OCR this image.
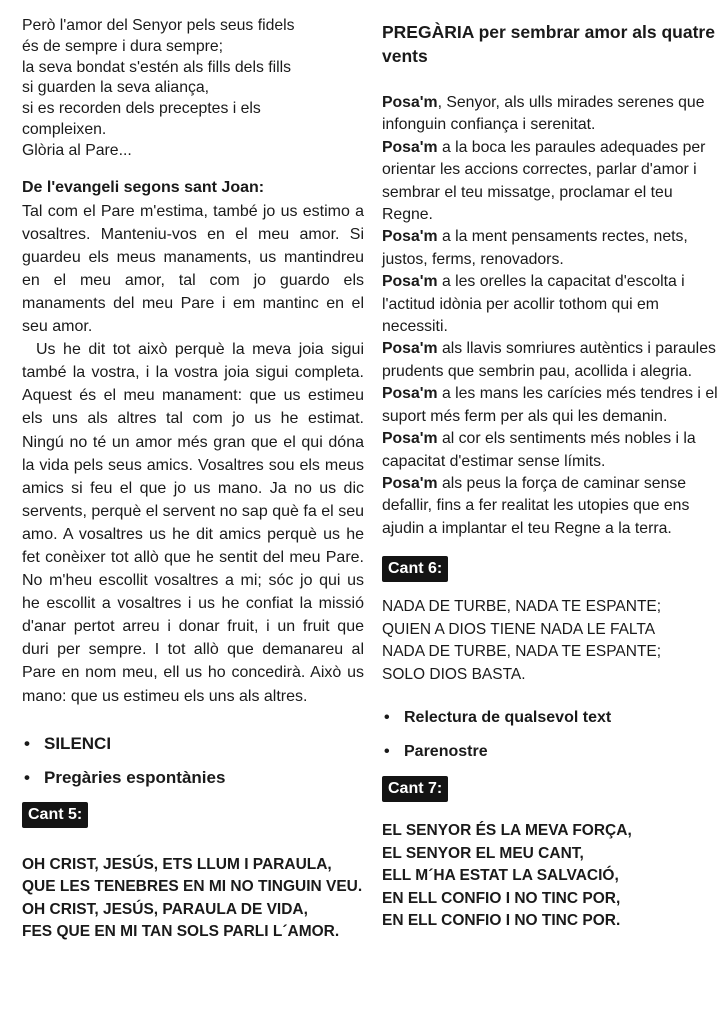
Però l'amor del Senyor pels seus fidels
és de sempre i dura sempre;
la seva bondat s'estén als fills dels fills
si guarden la seva aliança,
si es recorden dels preceptes i els
compleixen.
Glòria al Pare...
De l'evangeli segons sant Joan:

Tal com el Pare m'estima, també jo us estimo a vosaltres. Manteniu-vos en el meu amor. Si guardeu els meus manaments, us mantindreu en el meu amor, tal com jo guardo els manaments del meu Pare i em mantinc en el seu amor.

Us he dit tot això perquè la meva joia sigui també la vostra, i la vostra joia sigui completa. Aquest és el meu manament: que us estimeu els uns als altres tal com jo us he estimat. Ningú no té un amor més gran que el qui dóna la vida pels seus amics. Vosaltres sou els meus amics si feu el que jo us mano. Ja no us dic servents, perquè el servent no sap què fa el seu amo. A vosaltres us he dit amics perquè us he fet conèixer tot allò que he sentit del meu Pare. No m'heu escollit vosaltres a mi; sóc jo qui us he escollit a vosaltres i us he confiat la missió d'anar pertot arreu i donar fruit, i un fruit que duri per sempre. I tot allò que demanareu al Pare en nom meu, ell us ho concedirà. Això us mano: que us estimeu els uns als altres.

• SILENCI
• Pregàries espontànies
Cant 5:
OH CRIST, JESÚS, ETS LLUM I PARAULA,
QUE LES TENEBRES EN MI NO TINGUIN VEU.
OH CRIST, JESÚS, PARAULA DE VIDA,
FES QUE EN MI TAN SOLS PARLI L´AMOR.
PREGÀRIA per sembrar amor als quatre
vents

Posa'm, Senyor, als ulls mirades serenes que infonguin confiança i serenitat.

Posa'm a la boca les paraules adequades per orientar les accions correctes, parlar d'amor i sembrar el teu missatge, proclamar el teu Regne.

Posa'm a la ment pensaments rectes, nets, justos, ferms, renovadors.

Posa'm a les orelles la capacitat d'escolta i l'actitud idònia per acollir tothom qui em necessiti.

Posa'm als llavis somriures autèntics i paraules prudents que sembrin pau, acollida i alegria.

Posa'm a les mans les carícies més tendres i el suport més ferm per als qui les demanin.

Posa'm al cor els sentiments més nobles i la capacitat d'estimar sense límits.

Posa'm als peus la força de caminar sense defallir, fins a fer realitat les utopies que ens ajudin a implantar el teu Regne a la terra.

Cant 6:
NADA DE TURBE, NADA TE ESPANTE;
QUIEN A DIOS TIENE NADA LE FALTA
NADA DE TURBE, NADA TE ESPANTE;
SOLO DIOS BASTA.
• Relectura de qualsevol text
• Parenostre
Cant 7:
EL SENYOR ÉS LA MEVA FORÇA,
EL SENYOR EL MEU CANT,
ELL M´HA ESTAT LA SALVACIÓ,
EN ELL CONFIO I NO TINC POR,
EN ELL CONFIO I NO TINC POR.
